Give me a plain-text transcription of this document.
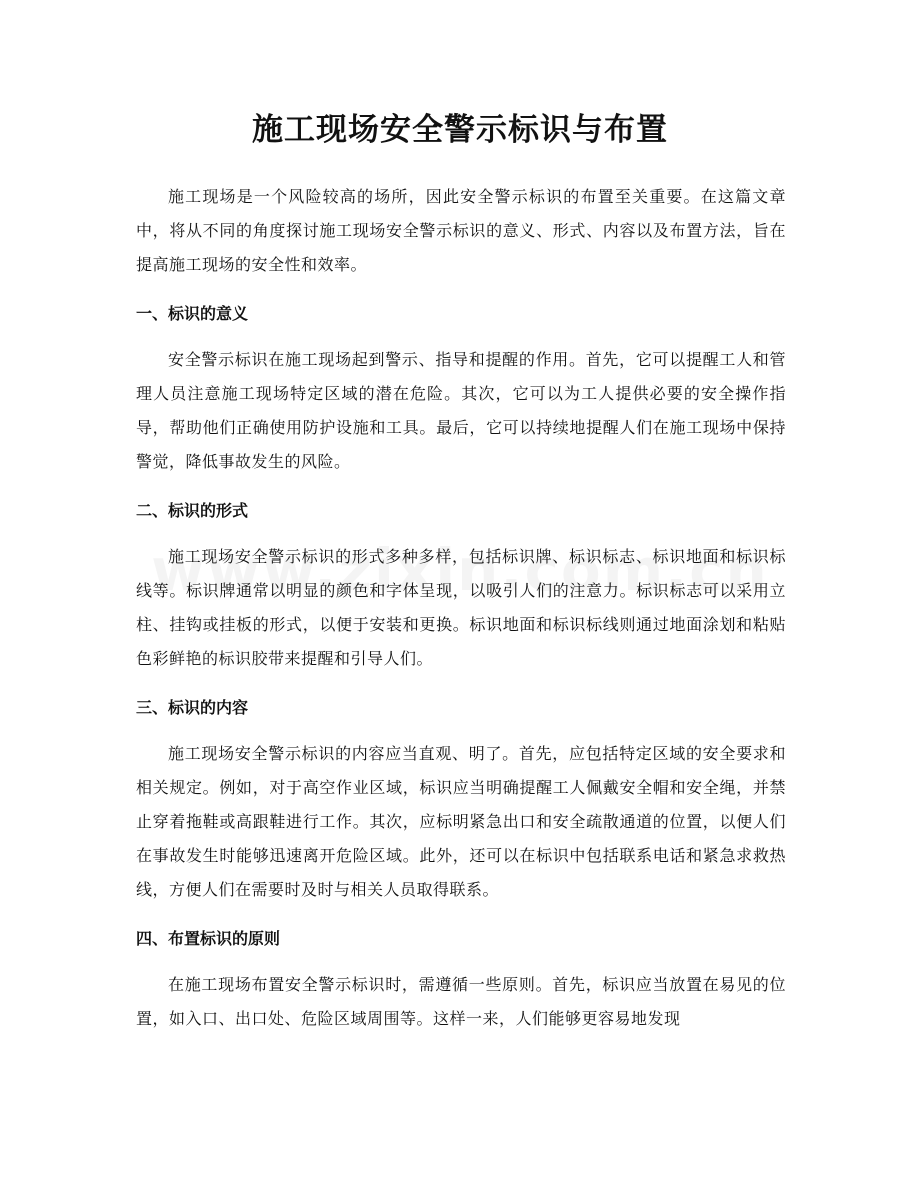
施工现场安全警示标识与布置

施工现场是一个风险较高的场所，因此安全警示标识的布置至关重要。在这篇文章中，将从不同的角度探讨施工现场安全警示标识的意义、形式、内容以及布置方法，旨在提高施工现场的安全性和效率。

一、标识的意义

安全警示标识在施工现场起到警示、指导和提醒的作用。首先，它可以提醒工人和管理人员注意施工现场特定区域的潜在危险。其次，它可以为工人提供必要的安全操作指导，帮助他们正确使用防护设施和工具。最后，它可以持续地提醒人们在施工现场中保持警觉，降低事故发生的风险。

二、标识的形式

施工现场安全警示标识的形式多种多样，包括标识牌、标识标志、标识地面和标识标线等。标识牌通常以明显的颜色和字体呈现，以吸引人们的注意力。标识标志可以采用立柱、挂钩或挂板的形式，以便于安装和更换。标识地面和标识标线则通过地面涂划和粘贴色彩鲜艳的标识胶带来提醒和引导人们。

三、标识的内容

施工现场安全警示标识的内容应当直观、明了。首先，应包括特定区域的安全要求和相关规定。例如，对于高空作业区域，标识应当明确提醒工人佩戴安全帽和安全绳，并禁止穿着拖鞋或高跟鞋进行工作。其次，应标明紧急出口和安全疏散通道的位置，以便人们在事故发生时能够迅速离开危险区域。此外，还可以在标识中包括联系电话和紧急求救热线，方便人们在需要时及时与相关人员取得联系。

四、布置标识的原则

在施工现场布置安全警示标识时，需遵循一些原则。首先，标识应当放置在易见的位置，如入口、出口处、危险区域周围等。这样一来，人们能够更容易地发现
